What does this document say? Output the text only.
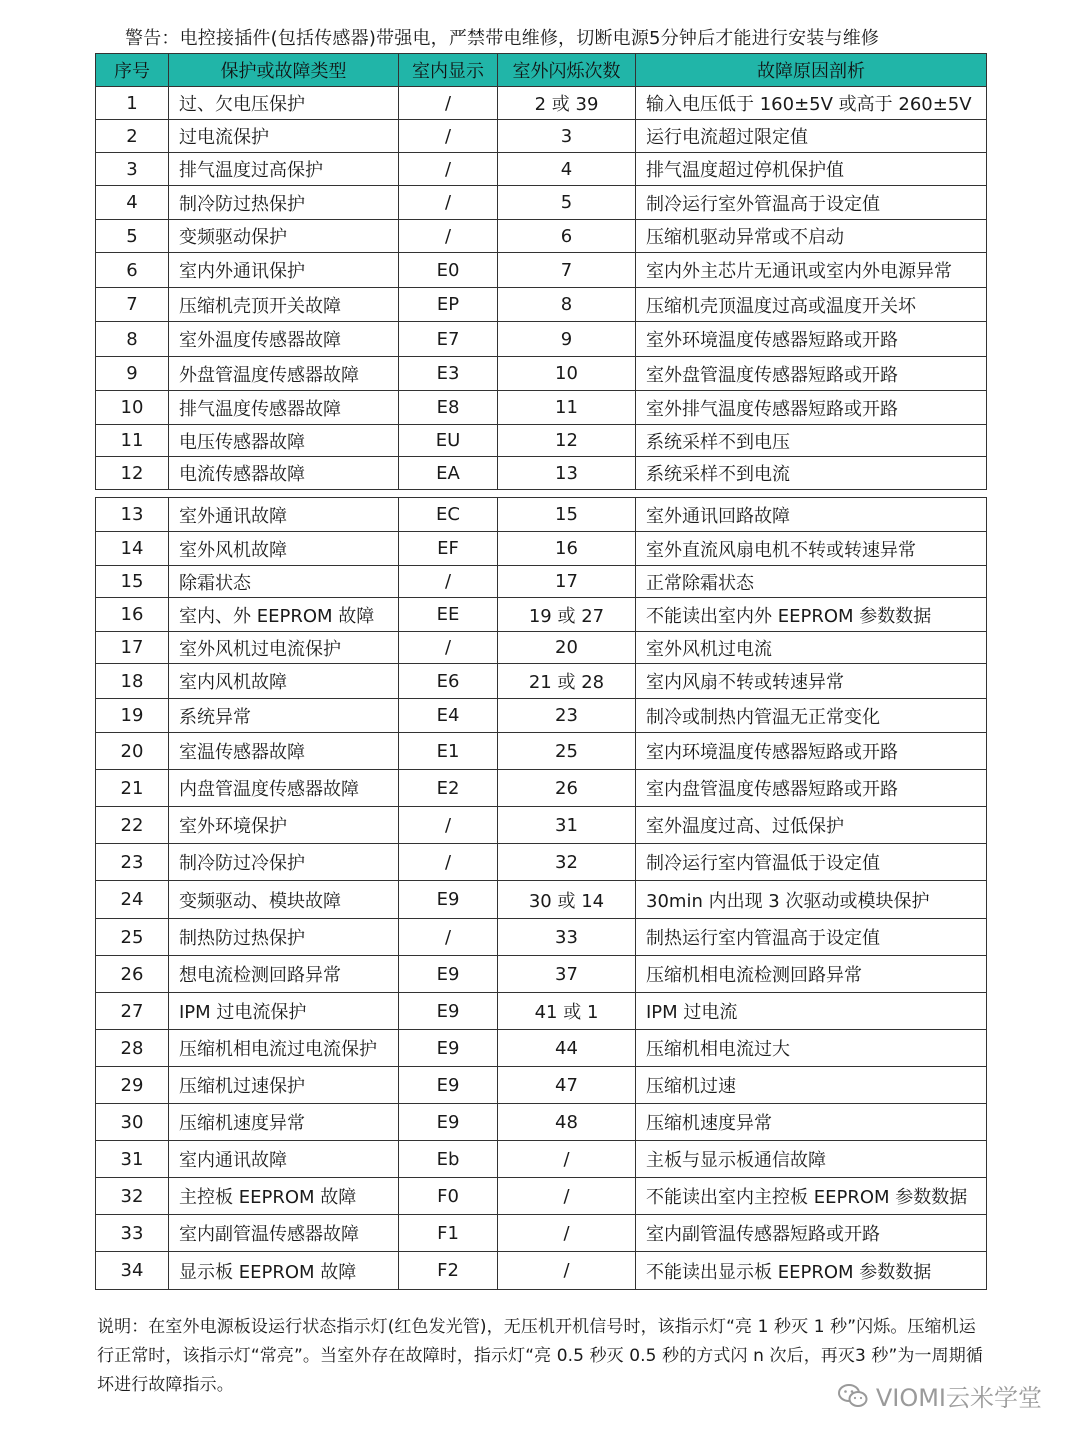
警告：电控接插件(包括传感器)带强电，严禁带电维修，切断电源5分钟后才能进行安装与维修
序号	保护或故障类型	室内显示	室外闪烁次数	故障原因剖析
1	过、欠电压保护	/	2 或 39	输入电压低于 160±5V 或高于 260±5V
2	过电流保护	/	3	运行电流超过限定值
3	排气温度过高保护	/	4	排气温度超过停机保护值
4	制冷防过热保护	/	5	制冷运行室外管温高于设定值
5	变频驱动保护	/	6	压缩机驱动异常或不启动
6	室内外通讯保护	E0	7	室内外主芯片无通讯或室内外电源异常
7	压缩机壳顶开关故障	EP	8	压缩机壳顶温度过高或温度开关坏
8	室外温度传感器故障	E7	9	室外环境温度传感器短路或开路
9	外盘管温度传感器故障	E3	10	室外盘管温度传感器短路或开路
10	排气温度传感器故障	E8	11	室外排气温度传感器短路或开路
11	电压传感器故障	EU	12	系统采样不到电压
12	电流传感器故障	EA	13	系统采样不到电流
13	室外通讯故障	EC	15	室外通讯回路故障
14	室外风机故障	EF	16	室外直流风扇电机不转或转速异常
15	除霜状态	/	17	正常除霜状态
16	室内、外 EEPROM 故障	EE	19 或 27	不能读出室内外 EEPROM 参数数据
17	室外风机过电流保护	/	20	室外风机过电流
18	室内风机故障	E6	21 或 28	室内风扇不转或转速异常
19	系统异常	E4	23	制冷或制热内管温无正常变化
20	室温传感器故障	E1	25	室内环境温度传感器短路或开路
21	内盘管温度传感器故障	E2	26	室内盘管温度传感器短路或开路
22	室外环境保护	/	31	室外温度过高、过低保护
23	制冷防过冷保护	/	32	制冷运行室内管温低于设定值
24	变频驱动、模块故障	E9	30 或 14	30min 内出现 3 次驱动或模块保护
25	制热防过热保护	/	33	制热运行室内管温高于设定值
26	想电流检测回路异常	E9	37	压缩机相电流检测回路异常
27	IPM 过电流保护	E9	41 或 1	IPM 过电流
28	压缩机相电流过电流保护	E9	44	压缩机相电流过大
29	压缩机过速保护	E9	47	压缩机过速
30	压缩机速度异常	E9	48	压缩机速度异常
31	室内通讯故障	Eb	/	主板与显示板通信故障
32	主控板 EEPROM 故障	F0	/	不能读出室内主控板 EEPROM 参数数据
33	室内副管温传感器故障	F1	/	室内副管温传感器短路或开路
34	显示板 EEPROM 故障	F2	/	不能读出显示板 EEPROM 参数数据
说明：在室外电源板设运行状态指示灯(红色发光管)，无压机开机信号时，该指示灯“亮 1 秒灭 1 秒”闪烁。压缩机运行正常时，该指示灯“常亮”。当室外存在故障时，指示灯“亮 0.5 秒灭 0.5 秒的方式闪 n 次后，再灭3 秒”为一周期循坏进行故障指示。	VIOMI云米学堂
